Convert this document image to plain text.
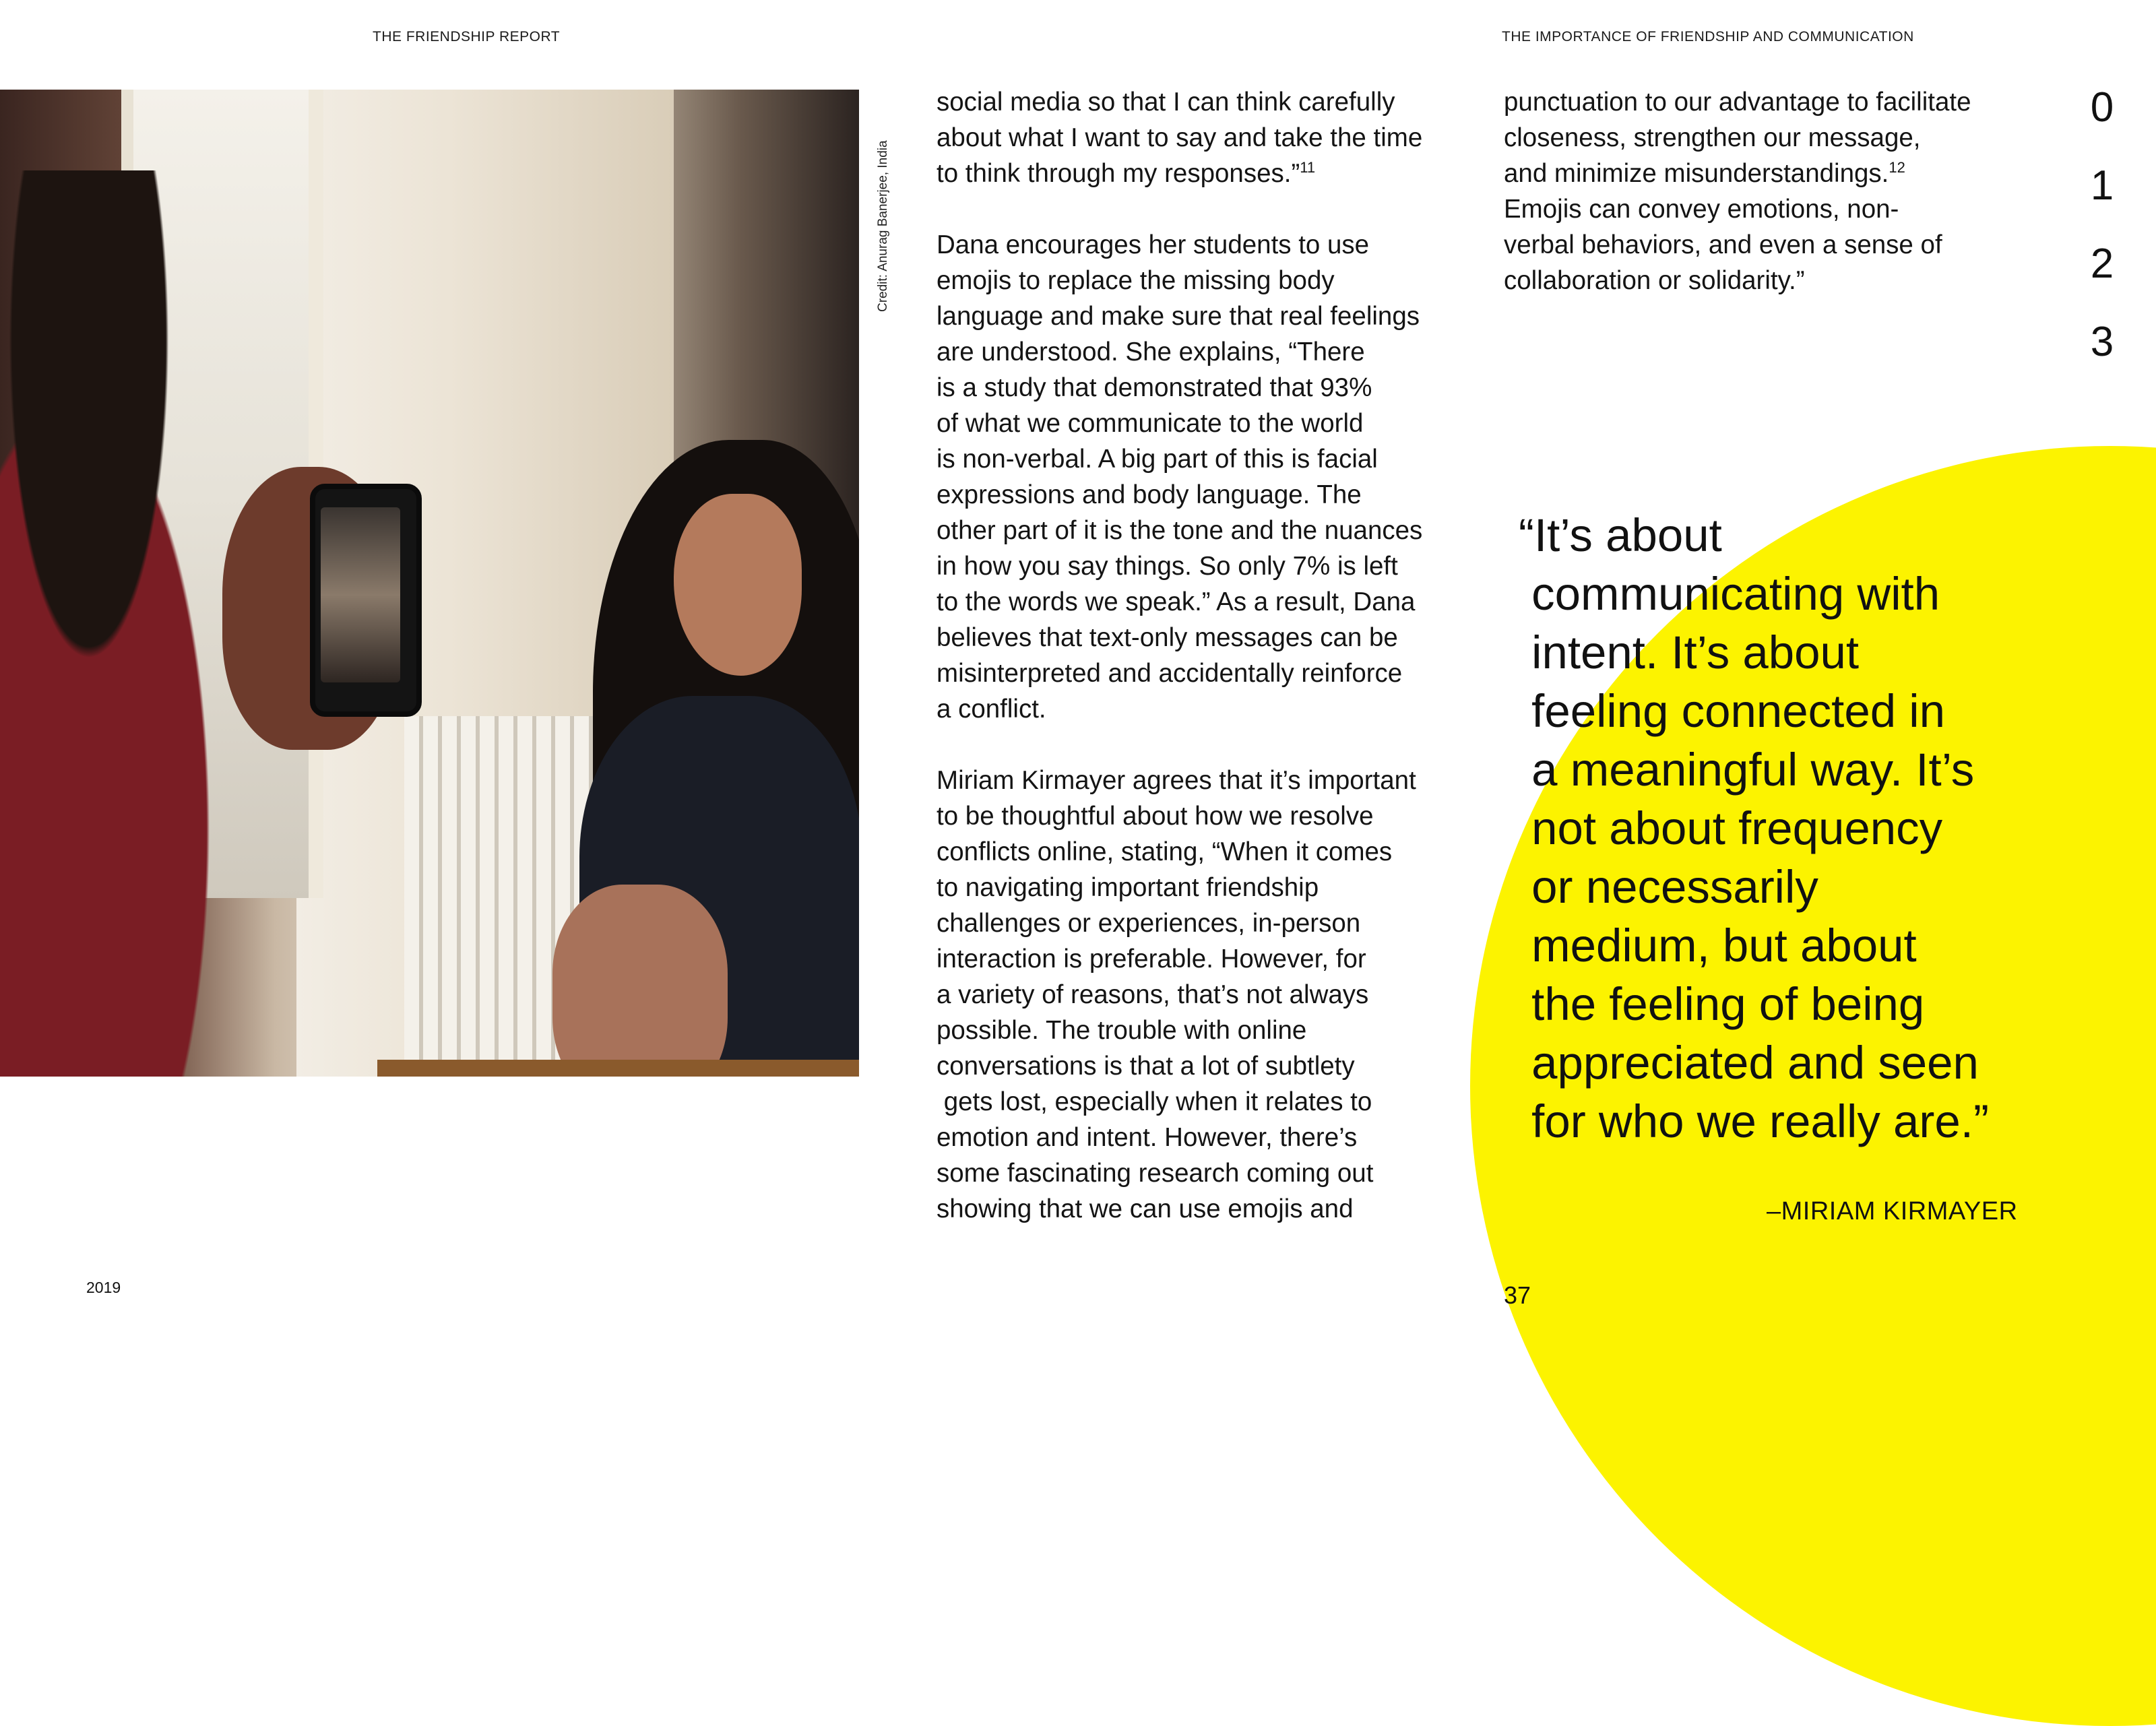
THE FRIENDSHIP REPORT	THE IMPORTANCE OF FRIENDSHIP AND COMMUNICATION
Credit: Anurag Banerjee, India
social media so that I can think carefully
about what I want to say and take the time
to think through my responses.”$^{11}$

Dana encourages her students to use
emojis to replace the missing body
language and make sure that real feelings
are understood. She explains, “There
is a study that demonstrated that 93%
of what we communicate to the world
is non-verbal. A big part of this is facial
expressions and body language. The
other part of it is the tone and the nuances
in how you say things. So only 7% is left
to the words we speak.” As a result, Dana
believes that text-only messages can be
misinterpreted and accidentally reinforce
a conflict.

Miriam Kirmayer agrees that it’s important
to be thoughtful about how we resolve
conflicts online, stating, “When it comes
to navigating important friendship
challenges or experiences, in-person
interaction is preferable. However, for
a variety of reasons, that’s not always
possible. The trouble with online
conversations is that a lot of subtlety
gets lost, especially when it relates to
emotion and intent. However, there’s
some fascinating research coming out
showing that we can use emojis and
punctuation to our advantage to facilitate
closeness, strengthen our message,
and minimize misunderstandings.$^{12}$
Emojis can convey emotions, non-
verbal behaviors, and even a sense of
collaboration or solidarity.”
0
1
2
3
“It’s about
communicating with
intent. It’s about
feeling connected in
a meaningful way. It’s
not about frequency
or necessarily
medium, but about
the feeling of being
appreciated and seen
for who we really are.”
–MIRIAM KIRMAYER
2019	37
